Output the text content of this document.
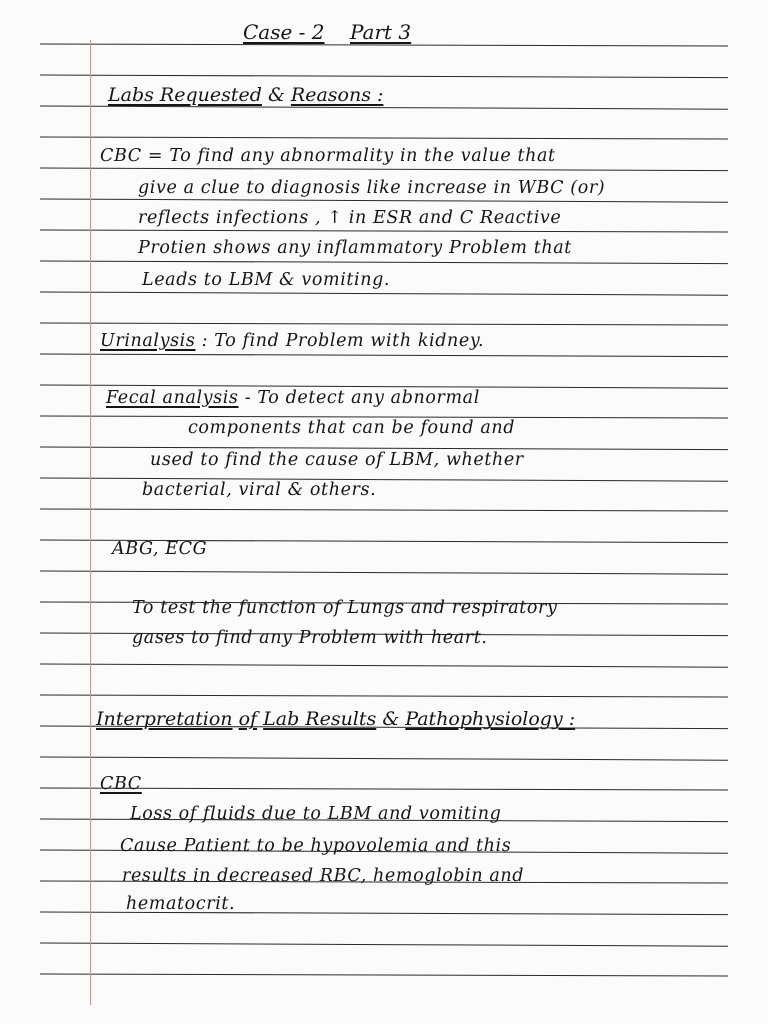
Case - 2 Part 3
Labs Requested & Reasons :
CBC = To find any abnormality in the value that
give a clue to diagnosis like increase in WBC (or)
reflects infections , ↑ in ESR and C Reactive
Protien shows any inflammatory Problem that
Leads to LBM & vomiting.
Urinalysis : To find Problem with kidney.
Fecal analysis - To detect any abnormal
components that can be found and
used to find the cause of LBM, whether
bacterial, viral & others.
ABG, ECG
To test the function of Lungs and respiratory
gases to find any Problem with heart.
Interpretation of Lab Results & Pathophysiology :
CBC
Loss of fluids due to LBM and vomiting
Cause Patient to be hypovolemia and this
results in decreased RBC, hemoglobin and
hematocrit.
